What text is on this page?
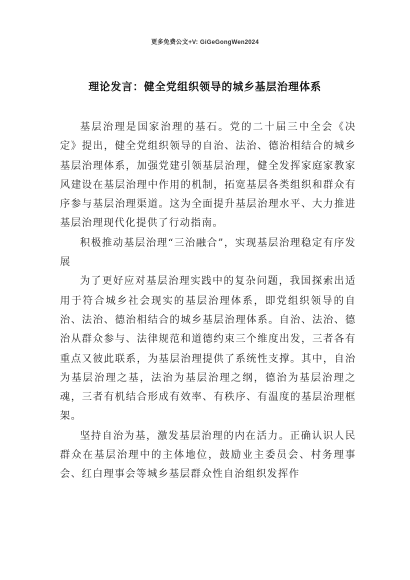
更多免费公文+V: GiGeGongWen2024
理论发言：健全党组织领导的城乡基层治理体系

基层治理是国家治理的基石。党的二十届三中全会《决定》提出，健全党组织领导的自治、法治、德治相结合的城乡基层治理体系，加强党建引领基层治理，健全发挥家庭家教家风建设在基层治理中作用的机制，拓宽基层各类组织和群众有序参与基层治理渠道。这为全面提升基层治理水平、大力推进基层治理现代化提供了行动指南。

积极推动基层治理“三治融合”，实现基层治理稳定有序发展

为了更好应对基层治理实践中的复杂问题，我国探索出适用于符合城乡社会现实的基层治理体系，即党组织领导的自治、法治、德治相结合的城乡基层治理体系。自治、法治、德治从群众参与、法律规范和道德约束三个维度出发，三者各有重点又彼此联系，为基层治理提供了系统性支撑。其中，自治为基层治理之基，法治为基层治理之纲，德治为基层治理之魂，三者有机结合形成有效率、有秩序、有温度的基层治理框架。

坚持自治为基，激发基层治理的内在活力。正确认识人民群众在基层治理中的主体地位，鼓励业主委员会、村务理事会、红白理事会等城乡基层群众性自治组织发挥作
